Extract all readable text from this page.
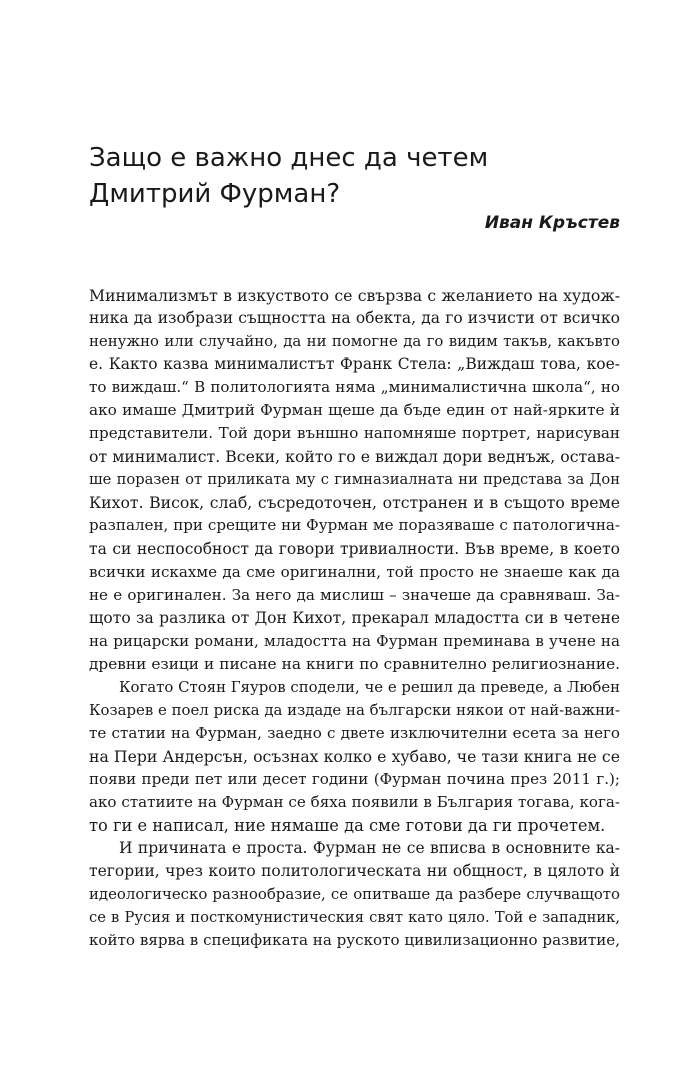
Защо е важно днес да четем
Дмитрий Фурман?
Иван Кръстев
Минимализмът в изкуството се свързва с желанието на худож-
ника да изобрази същността на обекта, да го изчисти от всичко
ненужно или случайно, да ни помогне да го видим такъв, какъвто
е. Както казва минималистът Франк Стела: „Виждаш това, кое-
то виждаш.“ В политологията няма „минималистична школа“, но
ако имаше Дмитрий Фурман щеше да бъде един от най-ярките ѝ
представители. Той дори външно напомняше портрет, нарисуван
от минималист. Всеки, който го е виждал дори веднъж, остава-
ше поразен от приликата му с гимназиалната ни представа за Дон
Кихот. Висок, слаб, съсредоточен, отстранен и в същото време
разпален, при срещите ни Фурман ме поразяваше с патологична-
та си неспособност да говори тривиалности. Във време, в което
всички искахме да сме оригинални, той просто не знаеше как да
не е оригинален. За него да мислиш – значеше да сравняваш. За-
щото за разлика от Дон Кихот, прекарал младостта си в четене
на рицарски романи, младостта на Фурман преминава в учене на
древни езици и писане на книги по сравнително религиознание.
Когато Стоян Гяуров сподели, че е решил да преведе, а Любен
Козарев е поел риска да издаде на български някои от най-важни-
те статии на Фурман, заедно с двете изключителни есета за него
на Пери Андерсън, осъзнах колко е хубаво, че тази книга не се
появи преди пет или десет години (Фурман почина през 2011 г.);
ако статиите на Фурман се бяха появили в България тогава, кога-
то ги е написал, ние нямаше да сме готови да ги прочетем.
И причината е проста. Фурман не се вписва в основните ка-
тегории, чрез които политологическата ни общност, в цялото ѝ
идеологическо разнообразие, се опитваше да разбере случващото
се в Русия и посткомунистическия свят като цяло. Той е западник,
който вярва в спецификата на руското цивилизационно развитие,
